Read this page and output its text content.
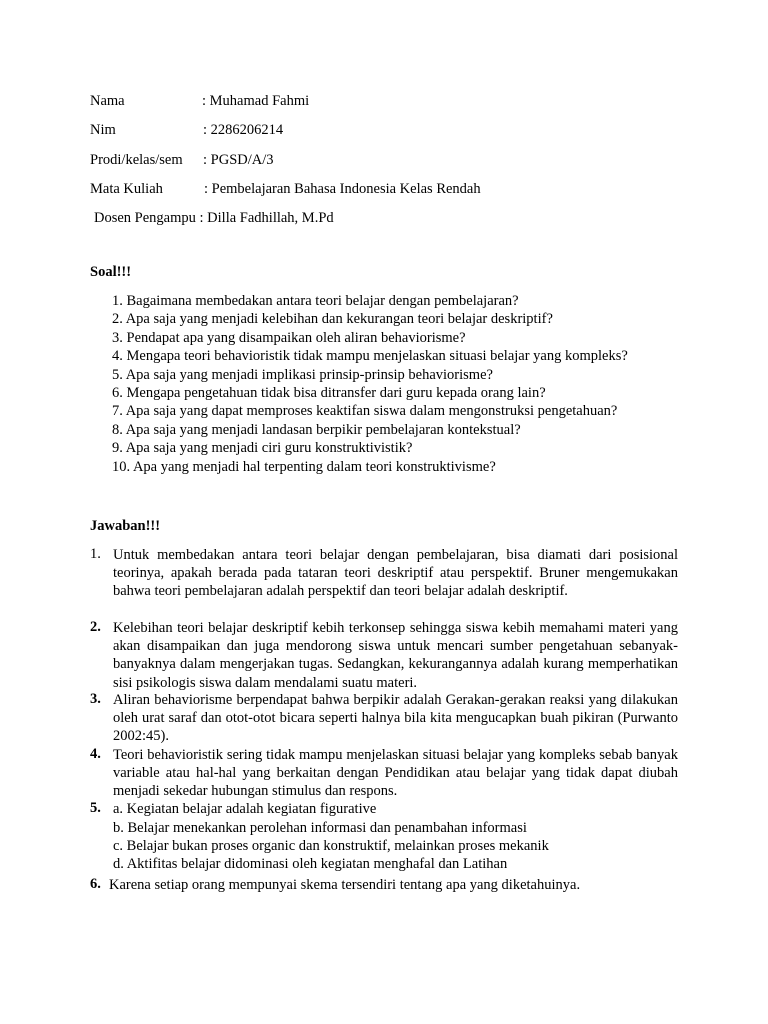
Nama	: Muhamad Fahmi
Nim	: 2286206214
Prodi/kelas/sem : PGSD/A/3
Mata Kuliah	: Pembelajaran Bahasa Indonesia Kelas Rendah
Dosen Pengampu : Dilla Fadhillah, M.Pd
Soal!!!
1. Bagaimana membedakan antara teori belajar dengan pembelajaran?
2. Apa saja yang menjadi kelebihan dan kekurangan teori belajar deskriptif?
3. Pendapat apa yang disampaikan oleh aliran behaviorisme?
4. Mengapa teori behavioristik tidak mampu menjelaskan situasi belajar yang kompleks?
5. Apa saja yang menjadi implikasi prinsip-prinsip behaviorisme?
6. Mengapa pengetahuan tidak bisa ditransfer dari guru kepada orang lain?
7. Apa saja yang dapat memproses keaktifan siswa dalam mengonstruksi pengetahuan?
8. Apa saja yang menjadi landasan berpikir pembelajaran kontekstual?
9. Apa saja yang menjadi ciri guru konstruktivistik?
10. Apa yang menjadi hal terpenting dalam teori konstruktivisme?
Jawaban!!!
1. Untuk membedakan antara teori belajar dengan pembelajaran, bisa diamati dari posisional teorinya, apakah berada pada tataran teori deskriptif atau perspektif. Bruner mengemukakan bahwa teori pembelajaran adalah perspektif dan teori belajar adalah deskriptif.
2. Kelebihan teori belajar deskriptif kebih terkonsep sehingga siswa kebih memahami materi yang akan disampaikan dan juga mendorong siswa untuk mencari sumber pengetahuan sebanyak-banyaknya dalam mengerjakan tugas. Sedangkan, kekurangannya adalah kurang memperhatikan sisi psikologis siswa dalam mendalami suatu materi.
3. Aliran behaviorisme berpendapat bahwa berpikir adalah Gerakan-gerakan reaksi yang dilakukan oleh urat saraf dan otot-otot bicara seperti halnya bila kita mengucapkan buah pikiran (Purwanto 2002:45).
4. Teori behavioristik sering tidak mampu menjelaskan situasi belajar yang kompleks sebab banyak variable atau hal-hal yang berkaitan dengan Pendidikan atau belajar yang tidak dapat diubah menjadi sekedar hubungan stimulus dan respons.
5. a. Kegiatan belajar adalah kegiatan figurative
b. Belajar menekankan perolehan informasi dan penambahan informasi
c. Belajar bukan proses organic dan konstruktif, melainkan proses mekanik
d. Aktifitas belajar didominasi oleh kegiatan menghafal dan Latihan
6. Karena setiap orang mempunyai skema tersendiri tentang apa yang diketahuinya.
